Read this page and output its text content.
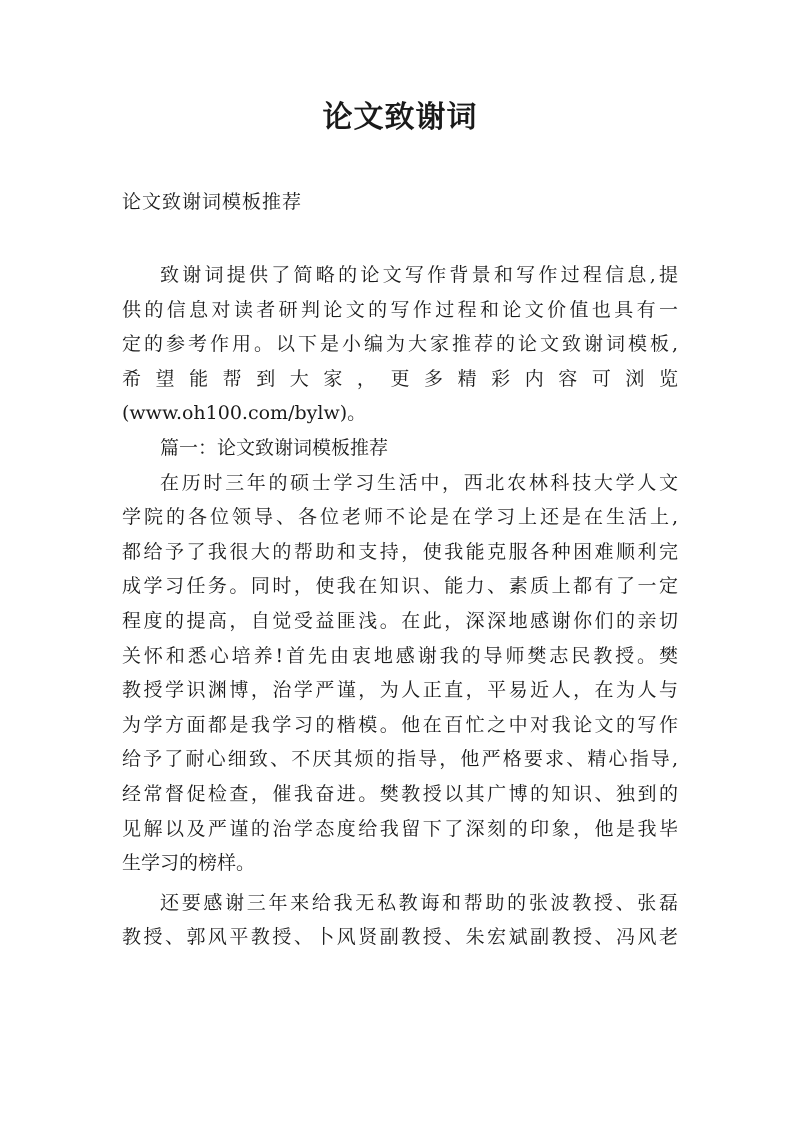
论文致谢词
论文致谢词模板推荐
致谢词提供了简略的论文写作背景和写作过程信息,提
供的信息对读者研判论文的写作过程和论文价值也具有一
定的参考作用。以下是小编为大家推荐的论文致谢词模板,
希 望 能 帮 到 大 家 ， 更 多 精 彩 内 容 可 浏 览
(www.oh100.com/bylw)。
篇一：论文致谢词模板推荐
在历时三年的硕士学习生活中，西北农林科技大学人文
学院的各位领导、各位老师不论是在学习上还是在生活上,
都给予了我很大的帮助和支持，使我能克服各种困难顺利完
成学习任务。同时，使我在知识、能力、素质上都有了一定
程度的提高，自觉受益匪浅。在此，深深地感谢你们的亲切
关怀和悉心培养!首先由衷地感谢我的导师樊志民教授。樊
教授学识渊博，治学严谨，为人正直，平易近人，在为人与
为学方面都是我学习的楷模。他在百忙之中对我论文的写作
给予了耐心细致、不厌其烦的指导，他严格要求、精心指导,
经常督促检查，催我奋进。樊教授以其广博的知识、独到的
见解以及严谨的治学态度给我留下了深刻的印象，他是我毕
生学习的榜样。
还要感谢三年来给我无私教诲和帮助的张波教授、张磊
教授、郭风平教授、卜风贤副教授、朱宏斌副教授、冯风老
